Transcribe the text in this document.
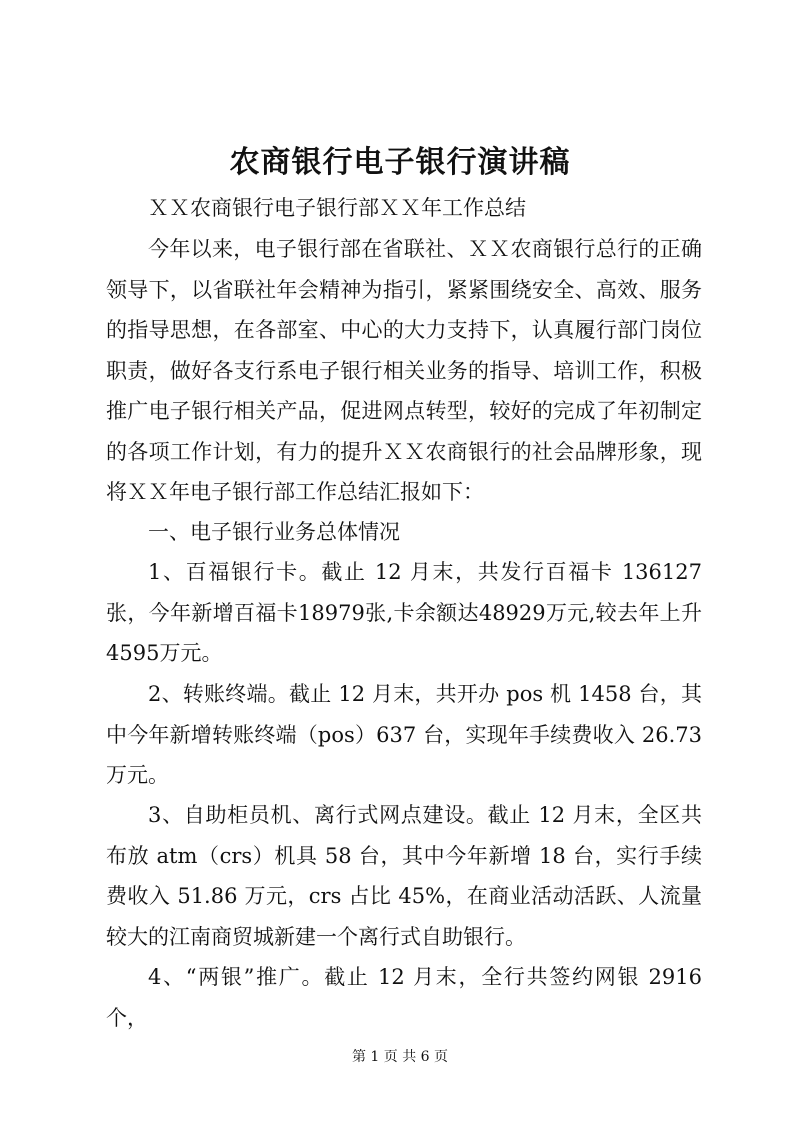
农商银行电子银行演讲稿

ＸＸ农商银行电子银行部ＸＸ年工作总结

今年以来，电子银行部在省联社、ＸＸ农商银行总行的正确领导下，以省联社年会精神为指引，紧紧围绕安全、高效、服务的指导思想，在各部室、中心的大力支持下，认真履行部门岗位职责，做好各支行系电子银行相关业务的指导、培训工作，积极推广电子银行相关产品，促进网点转型，较好的完成了年初制定的各项工作计划，有力的提升ＸＸ农商银行的社会品牌形象，现将ＸＸ年电子银行部工作总结汇报如下：

一、电子银行业务总体情况

1、百福银行卡。截止 12 月末，共发行百福卡 136127 张，今年新增百福卡18979张,卡余额达48929万元,较去年上升4595万元。

2、转账终端。截止 12 月末，共开办 pos 机 1458 台，其中今年新增转账终端（pos）637 台，实现年手续费收入 26.73 万元。

3、自助柜员机、离行式网点建设。截止 12 月末，全区共布放 atm（crs）机具 58 台，其中今年新增 18 台，实行手续费收入 51.86 万元，crs 占比 45%，在商业活动活跃、人流量较大的江南商贸城新建一个离行式自助银行。

4、“两银”推广。截止 12 月末，全行共签约网银 2916 个，

第 1 页 共 6 页
